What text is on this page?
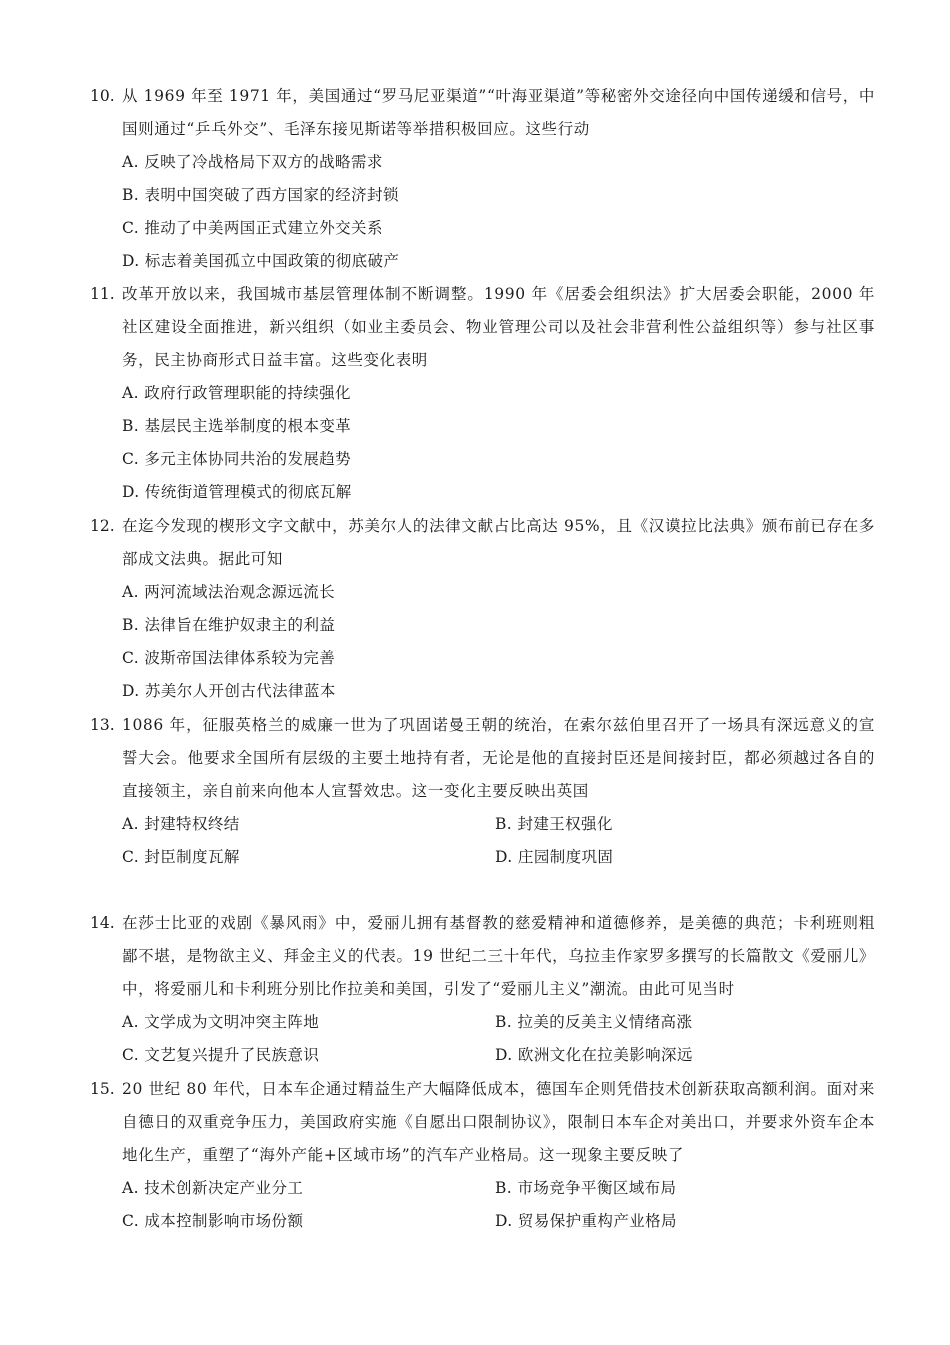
10. 从 1969 年至 1971 年，美国通过“罗马尼亚渠道”“叶海亚渠道”等秘密外交途径向中国传递缓和信号，中国则通过“乒乓外交”、毛泽东接见斯诺等举措积极回应。这些行动
A. 反映了冷战格局下双方的战略需求
B. 表明中国突破了西方国家的经济封锁
C. 推动了中美两国正式建立外交关系
D. 标志着美国孤立中国政策的彻底破产
11. 改革开放以来，我国城市基层管理体制不断调整。1990 年《居委会组织法》扩大居委会职能，2000 年社区建设全面推进，新兴组织（如业主委员会、物业管理公司以及社会非营利性公益组织等）参与社区事务，民主协商形式日益丰富。这些变化表明
A. 政府行政管理职能的持续强化
B. 基层民主选举制度的根本变革
C. 多元主体协同共治的发展趋势
D. 传统街道管理模式的彻底瓦解
12. 在迄今发现的楔形文字文献中，苏美尔人的法律文献占比高达 95%，且《汉谟拉比法典》颁布前已存在多部成文法典。据此可知
A. 两河流域法治观念源远流长
B. 法律旨在维护奴隶主的利益
C. 波斯帝国法律体系较为完善
D. 苏美尔人开创古代法律蓝本
13. 1086 年，征服英格兰的威廉一世为了巩固诺曼王朝的统治，在索尔兹伯里召开了一场具有深远意义的宣誓大会。他要求全国所有层级的主要土地持有者，无论是他的直接封臣还是间接封臣，都必须越过各自的直接领主，亲自前来向他本人宣誓效忠。这一变化主要反映出英国
A. 封建特权终结	B. 封建王权强化
C. 封臣制度瓦解	D. 庄园制度巩固
14. 在莎士比亚的戏剧《暴风雨》中，爱丽儿拥有基督教的慈爱精神和道德修养，是美德的典范；卡利班则粗鄙不堪，是物欲主义、拜金主义的代表。19 世纪二三十年代，乌拉圭作家罗多撰写的长篇散文《爱丽儿》中，将爱丽儿和卡利班分别比作拉美和美国，引发了“爱丽儿主义”潮流。由此可见当时
A. 文学成为文明冲突主阵地	B. 拉美的反美主义情绪高涨
C. 文艺复兴提升了民族意识	D. 欧洲文化在拉美影响深远
15. 20 世纪 80 年代，日本车企通过精益生产大幅降低成本，德国车企则凭借技术创新获取高额利润。面对来自德日的双重竞争压力，美国政府实施《自愿出口限制协议》，限制日本车企对美出口，并要求外资车企本地化生产，重塑了“海外产能+区域市场”的汽车产业格局。这一现象主要反映了
A. 技术创新决定产业分工	B. 市场竞争平衡区域布局
C. 成本控制影响市场份额	D. 贸易保护重构产业格局
